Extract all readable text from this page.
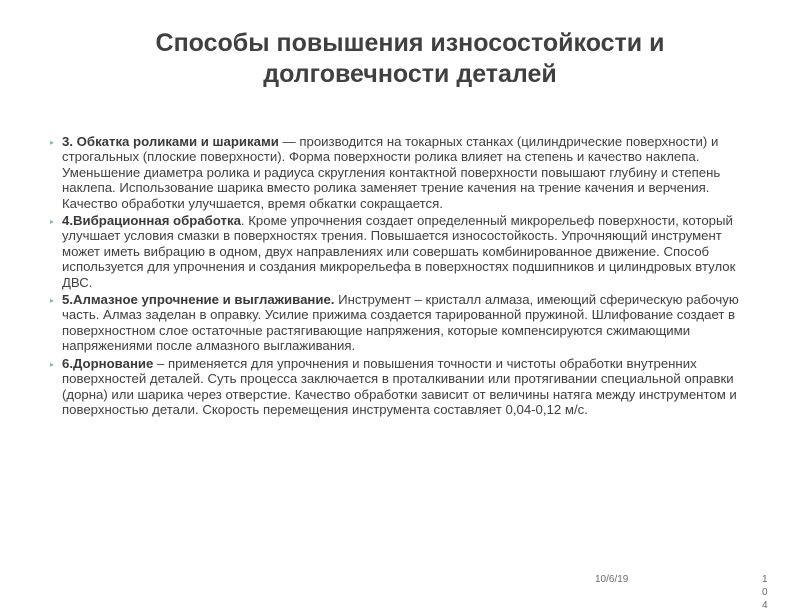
Способы повышения износостойкости и долговечности деталей
▸ 3. Обкатка роликами и шариками — производится на токарных станках (цилиндрические поверхности) и строгальных (плоские поверхности). Форма поверхности ролика влияет на степень и качество наклепа. Уменьшение диаметра ролика и радиуса скругления контактной поверхности повышают глубину и степень наклепа. Использование шарика вместо ролика заменяет трение качения на трение качения и верчения. Качество обработки улучшается, время обкатки сокращается.
▸ 4.Вибрационная обработка. Кроме упрочнения создает определенный микрорельеф поверхности, который улучшает условия смазки в поверхностях трения. Повышается износостойкость. Упрочняющий инструмент может иметь вибрацию в одном, двух направлениях или совершать комбинированное движение. Способ используется для упрочнения и создания микрорельефа в поверхностях подшипников и цилиндровых втулок ДВС.
▸ 5.Алмазное упрочнение и выглаживание. Инструмент – кристалл алмаза, имеющий сферическую рабочую часть. Алмаз заделан в оправку. Усилие прижима создается тарированной пружиной. Шлифование создает в поверхностном слое остаточные растягивающие напряжения, которые компенсируются сжимающими напряжениями после алмазного выглаживания.
▸ 6.Дорнование – применяется для упрочнения и повышения точности и чистоты обработки внутренних поверхностей деталей. Суть процесса заключается в проталкивании или протягивании специальной оправки (дорна) или шарика через отверстие. Качество обработки зависит от величины натяга между инструментом и поверхностью детали. Скорость перемещения инструмента составляет 0,04-0,12 м/с.
10/6/19	104
